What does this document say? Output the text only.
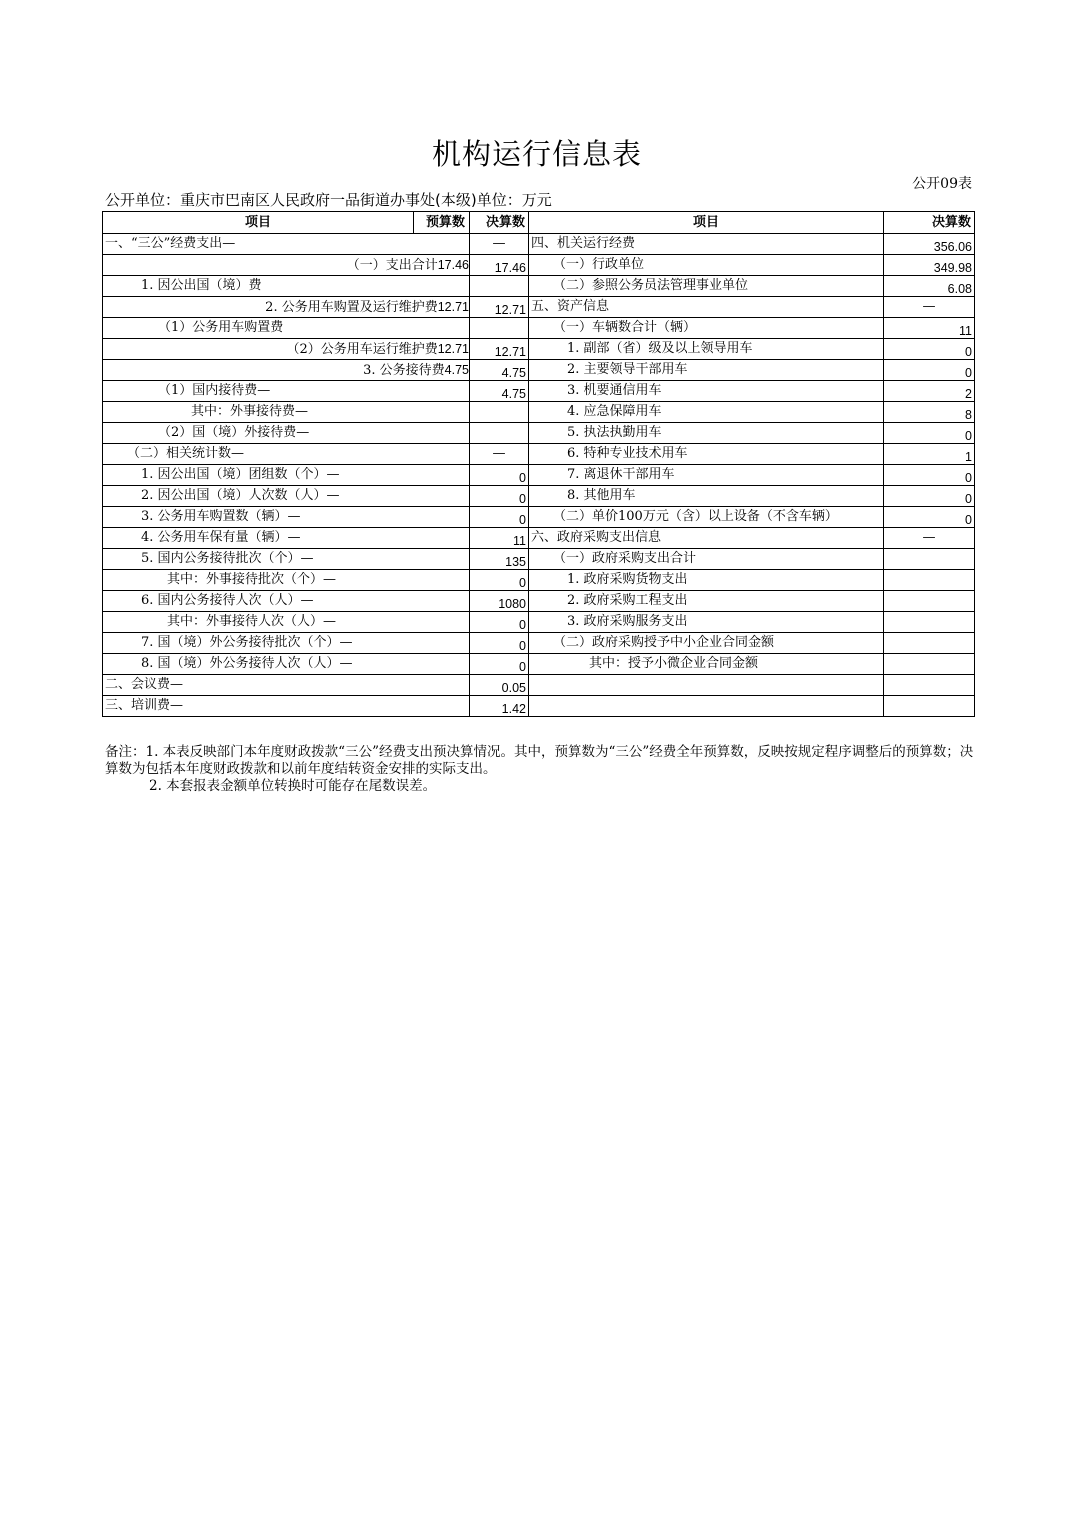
机构运行信息表
公开09表
公开单位：重庆市巴南区人民政府一品街道办事处(本级)单位：万元
项目 预算数	决算数	项目	决算数
一、“三公”经费支出—	—	四、机关运行经费	356.06
（一）支出合计17.46	17.46	（一）行政单位	349.98
1. 因公出国（境）费		（二）参照公务员法管理事业单位	6.08
2. 公务用车购置及运行维护费12.71	12.71	五、资产信息	—
（1）公务用车购置费		（一）车辆数合计（辆）	11
（2）公务用车运行维护费12.71	12.71	1. 副部（省）级及以上领导用车	0
3. 公务接待费4.75	4.75	2. 主要领导干部用车	0
（1）国内接待费—	4.75	3. 机要通信用车	2
其中：外事接待费—		4. 应急保障用车	8
（2）国（境）外接待费—		5. 执法执勤用车	0
（二）相关统计数—	—	6. 特种专业技术用车	1
1. 因公出国（境）团组数（个）—	0	7. 离退休干部用车	0
2. 因公出国（境）人次数（人）—	0	8. 其他用车	0
3. 公务用车购置数（辆）—	0	（二）单价100万元（含）以上设备（不含车辆）	0
4. 公务用车保有量（辆）—	11	六、政府采购支出信息	—
5. 国内公务接待批次（个）—	135	（一）政府采购支出合计	
其中：外事接待批次（个）—	0	1. 政府采购货物支出	
6. 国内公务接待人次（人）—	1080	2. 政府采购工程支出	
其中：外事接待人次（人）—	0	3. 政府采购服务支出	
7. 国（境）外公务接待批次（个）—	0	（二）政府采购授予中小企业合同金额	
8. 国（境）外公务接待人次（人）—	0	其中：授予小微企业合同金额	
二、会议费—	0.05		
三、培训费—	1.42		

备注：1. 本表反映部门本年度财政拨款“三公”经费支出预决算情况。其中，预算数为“三公”经费全年预算数，反映按规定程序调整后的预算数；决算数为包括本年度财政拨款和以前年度结转资金安排的实际支出。

2. 本套报表金额单位转换时可能存在尾数误差。
